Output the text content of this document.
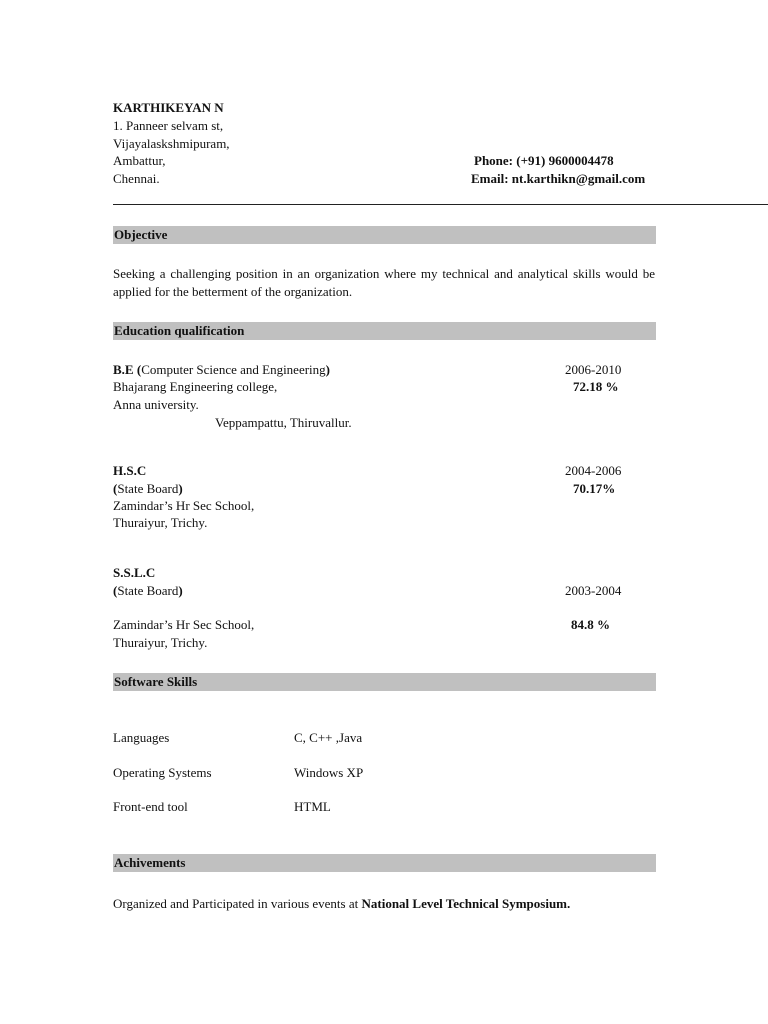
KARTHIKEYAN N
1. Panneer selvam st,
Vijayalaskshmipuram,
Ambattur,
Chennai.
Phone: (+91) 9600004478
Email: nt.karthikn@gmail.com
Objective
Seeking a challenging position in an organization where my technical and analytical skills would be applied for the betterment of the organization.
Education qualification
B.E (Computer Science and Engineering)	2006-2010
Bhajarang Engineering college,	72.18 %
Anna university.
Veppampattu, Thiruvallur.
H.S.C	2004-2006
(State Board)	70.17%
Zamindar’s Hr Sec School,
Thuraiyur, Trichy.
S.S.L.C
(State Board)	2003-2004
Zamindar’s Hr Sec School,	84.8 %
Thuraiyur, Trichy.
Software Skills
Languages	C, C++ ,Java
Operating Systems	Windows XP
Front-end tool	HTML
Achivements
Organized and Participated in various events at National Level Technical Symposium.
